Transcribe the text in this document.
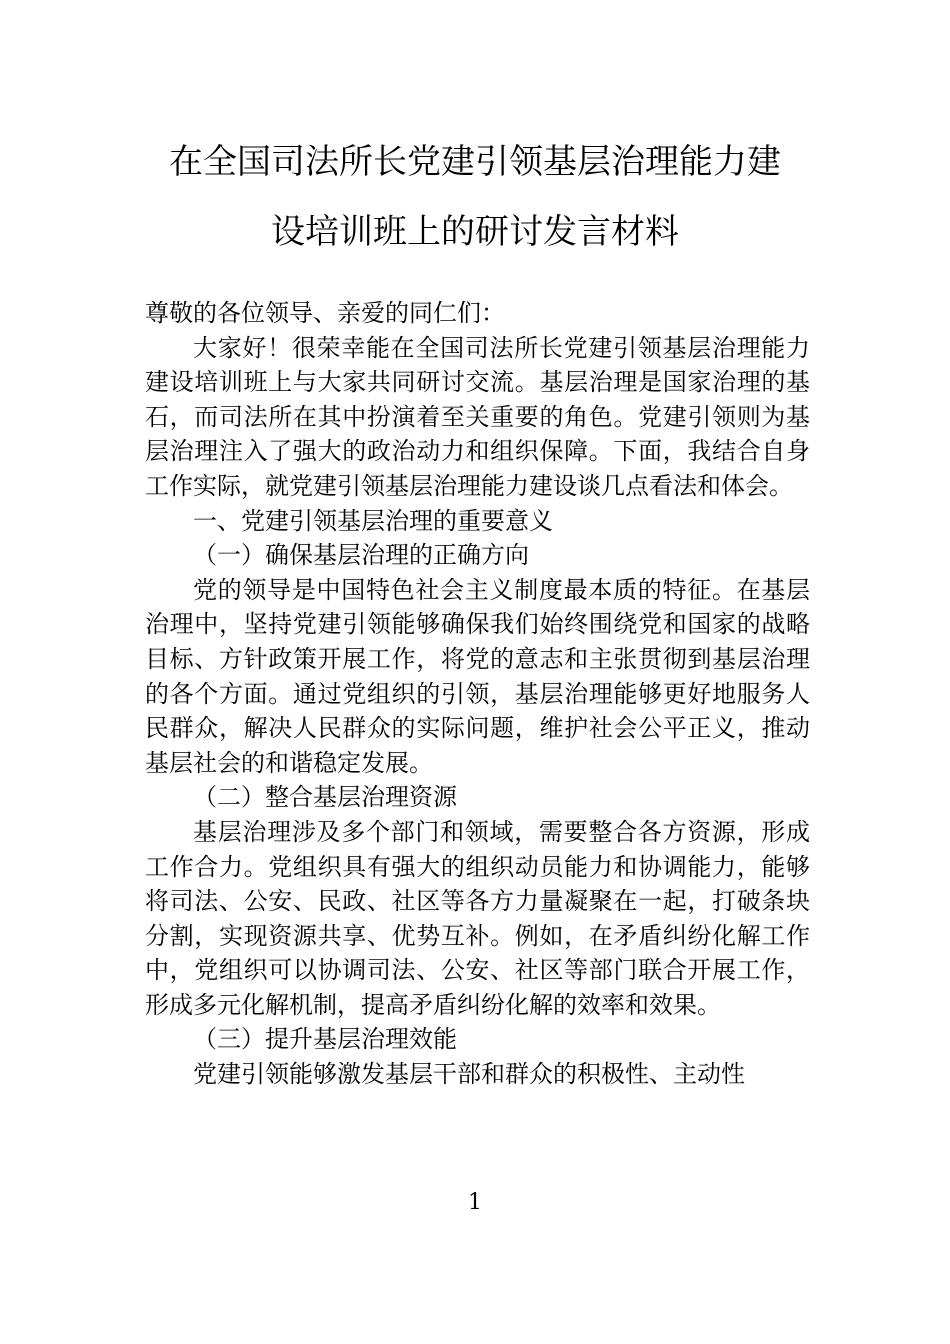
在全国司法所长党建引领基层治理能力建
设培训班上的研讨发言材料

尊敬的各位领导、亲爱的同仁们：

大家好！很荣幸能在全国司法所长党建引领基层治理能力建设培训班上与大家共同研讨交流。基层治理是国家治理的基石，而司法所在其中扮演着至关重要的角色。党建引领则为基层治理注入了强大的政治动力和组织保障。下面，我结合自身工作实际，就党建引领基层治理能力建设谈几点看法和体会。

一、党建引领基层治理的重要意义

（一）确保基层治理的正确方向

党的领导是中国特色社会主义制度最本质的特征。在基层治理中，坚持党建引领能够确保我们始终围绕党和国家的战略目标、方针政策开展工作，将党的意志和主张贯彻到基层治理的各个方面。通过党组织的引领，基层治理能够更好地服务人民群众，解决人民群众的实际问题，维护社会公平正义，推动基层社会的和谐稳定发展。

（二）整合基层治理资源

基层治理涉及多个部门和领域，需要整合各方资源，形成工作合力。党组织具有强大的组织动员能力和协调能力，能够将司法、公安、民政、社区等各方力量凝聚在一起，打破条块分割，实现资源共享、优势互补。例如，在矛盾纠纷化解工作中，党组织可以协调司法、公安、社区等部门联合开展工作，形成多元化解机制，提高矛盾纠纷化解的效率和效果。

（三）提升基层治理效能

党建引领能够激发基层干部和群众的积极性、主动性

1
